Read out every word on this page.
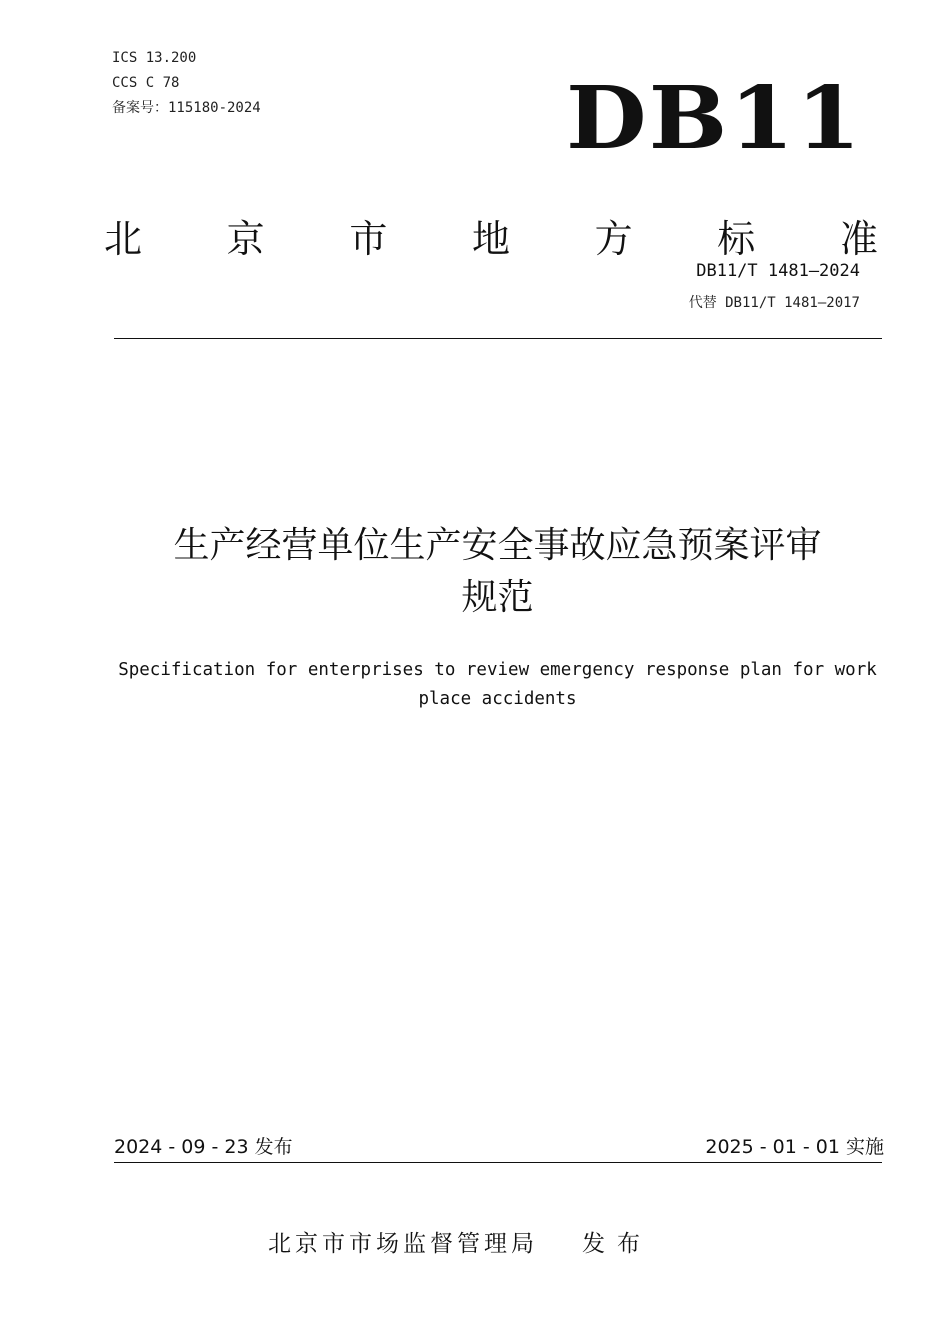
ICS 13.200
CCS C 78
备案号：115180-2024	DB11
北 京 市 地 方 标 准
DB11/T 1481—2024
代替 DB11/T 1481—2017
生产经营单位生产安全事故应急预案评审
规范
Specification for enterprises to review emergency response plan for work
place accidents
2024 - 09 - 23 发布	2025 - 01 - 01 实施
北京市市场监督管理局 发布
